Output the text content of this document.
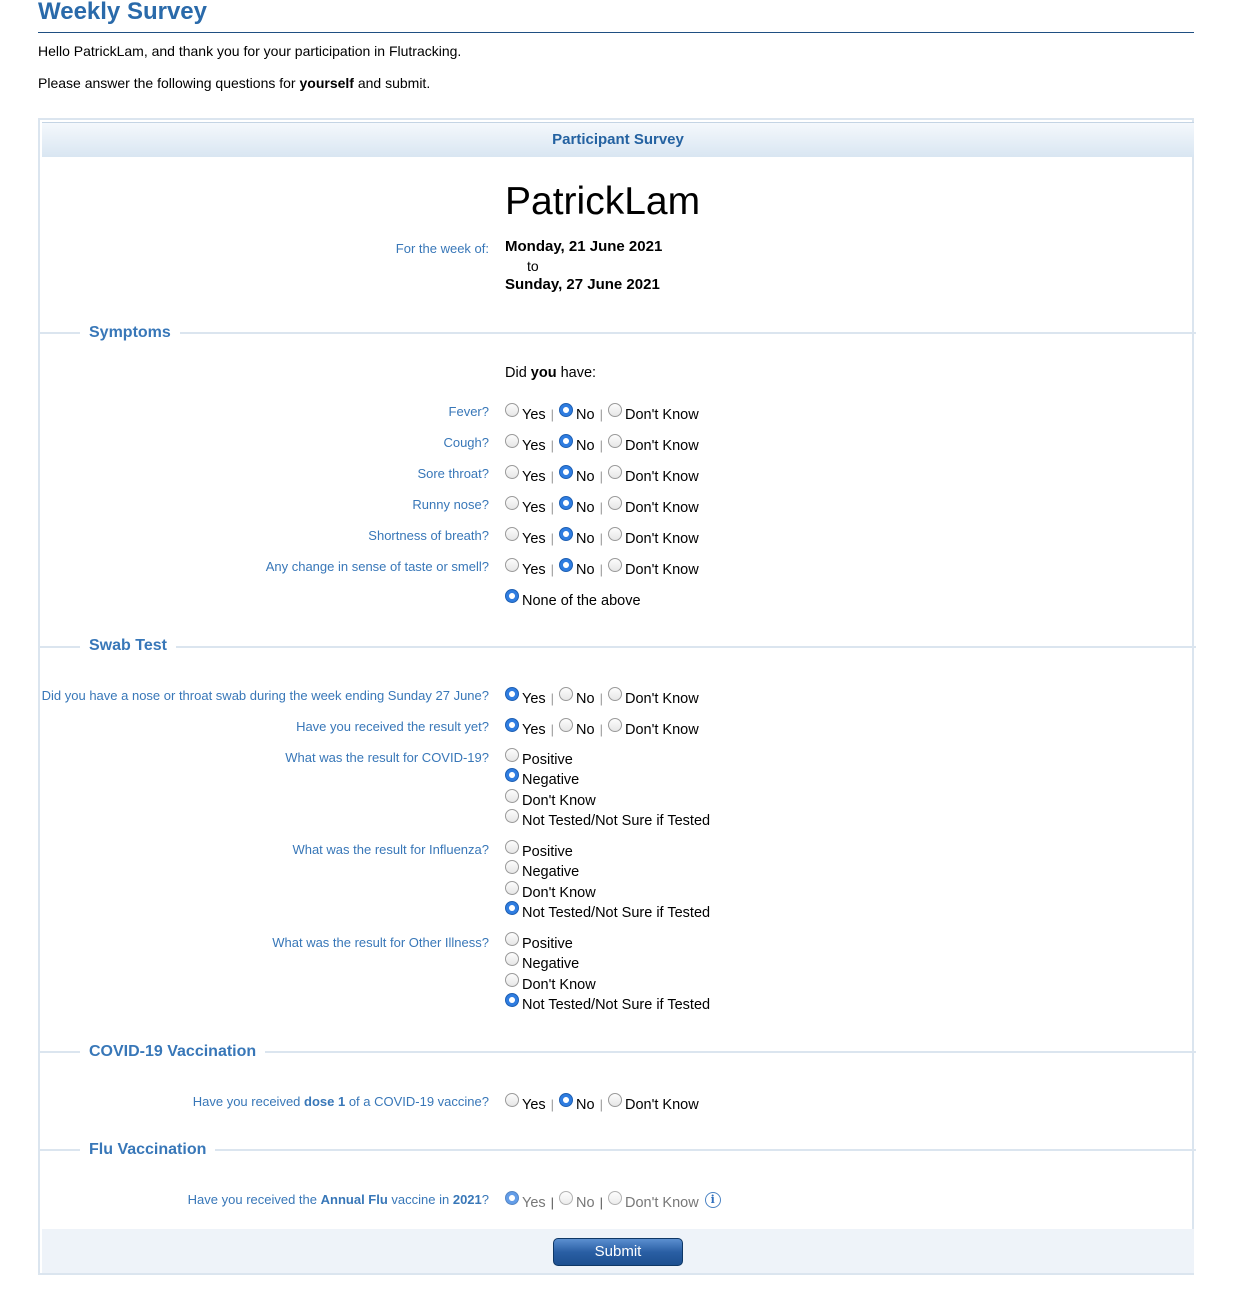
Weekly Survey
Hello PatrickLam, and thank you for your participation in Flutracking.
Please answer the following questions for yourself and submit.
Participant Survey
PatrickLam
For the week of: Monday, 21 June 2021
to
Sunday, 27 June 2021
Symptoms
Did you have:
Fever? Yes | No | Don't Know
Cough? Yes | No | Don't Know
Sore throat? Yes | No | Don't Know
Runny nose? Yes | No | Don't Know
Shortness of breath? Yes | No | Don't Know
Any change in sense of taste or smell? Yes | No | Don't Know
None of the above
Swab Test
Did you have a nose or throat swab during the week ending Sunday 27 June? Yes | No | Don't Know
Have you received the result yet? Yes | No | Don't Know
What was the result for COVID-19? Positive
Negative
Don't Know
Not Tested/Not Sure if Tested
What was the result for Influenza? Positive
Negative
Don't Know
Not Tested/Not Sure if Tested
What was the result for Other Illness? Positive
Negative
Don't Know
Not Tested/Not Sure if Tested
COVID-19 Vaccination
Have you received dose 1 of a COVID-19 vaccine? Yes | No | Don't Know
Flu Vaccination
Have you received the Annual Flu vaccine in 2021? Yes | No | Don't Know i
Submit
